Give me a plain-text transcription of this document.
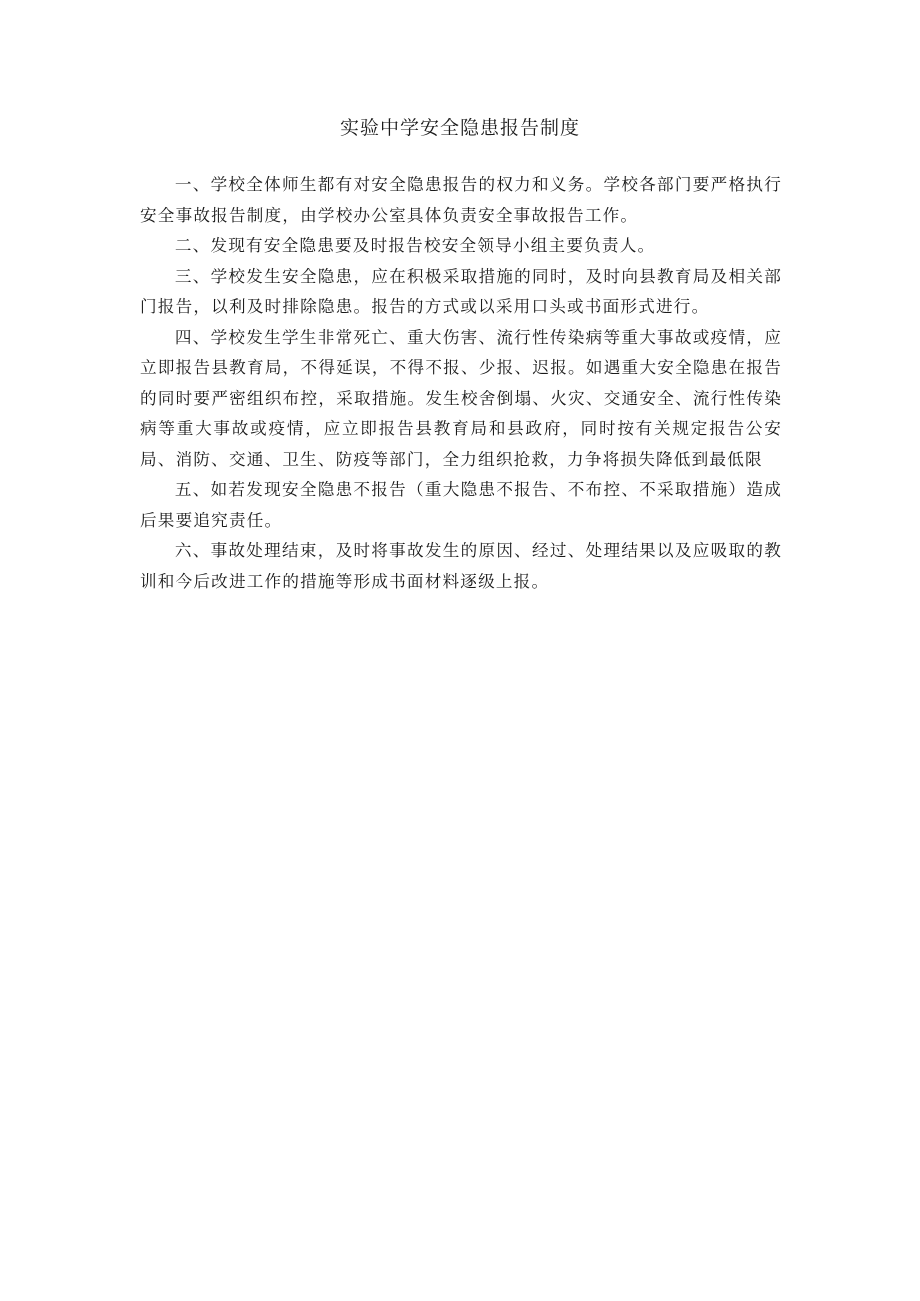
实验中学安全隐患报告制度

一、学校全体师生都有对安全隐患报告的权力和义务。学校各部门要严格执行安全事故报告制度，由学校办公室具体负责安全事故报告工作。

二、发现有安全隐患要及时报告校安全领导小组主要负责人。

三、学校发生安全隐患，应在积极采取措施的同时，及时向县教育局及相关部门报告，以利及时排除隐患。报告的方式或以采用口头或书面形式进行。

四、学校发生学生非常死亡、重大伤害、流行性传染病等重大事故或疫情，应立即报告县教育局，不得延误，不得不报、少报、迟报。如遇重大安全隐患在报告的同时要严密组织布控，采取措施。发生校舍倒塌、火灾、交通安全、流行性传染病等重大事故或疫情，应立即报告县教育局和县政府，同时按有关规定报告公安局、消防、交通、卫生、防疫等部门，全力组织抢救，力争将损失降低到最低限

五、如若发现安全隐患不报告（重大隐患不报告、不布控、不采取措施）造成后果要追究责任。

六、事故处理结束，及时将事故发生的原因、经过、处理结果以及应吸取的教训和今后改进工作的措施等形成书面材料逐级上报。
